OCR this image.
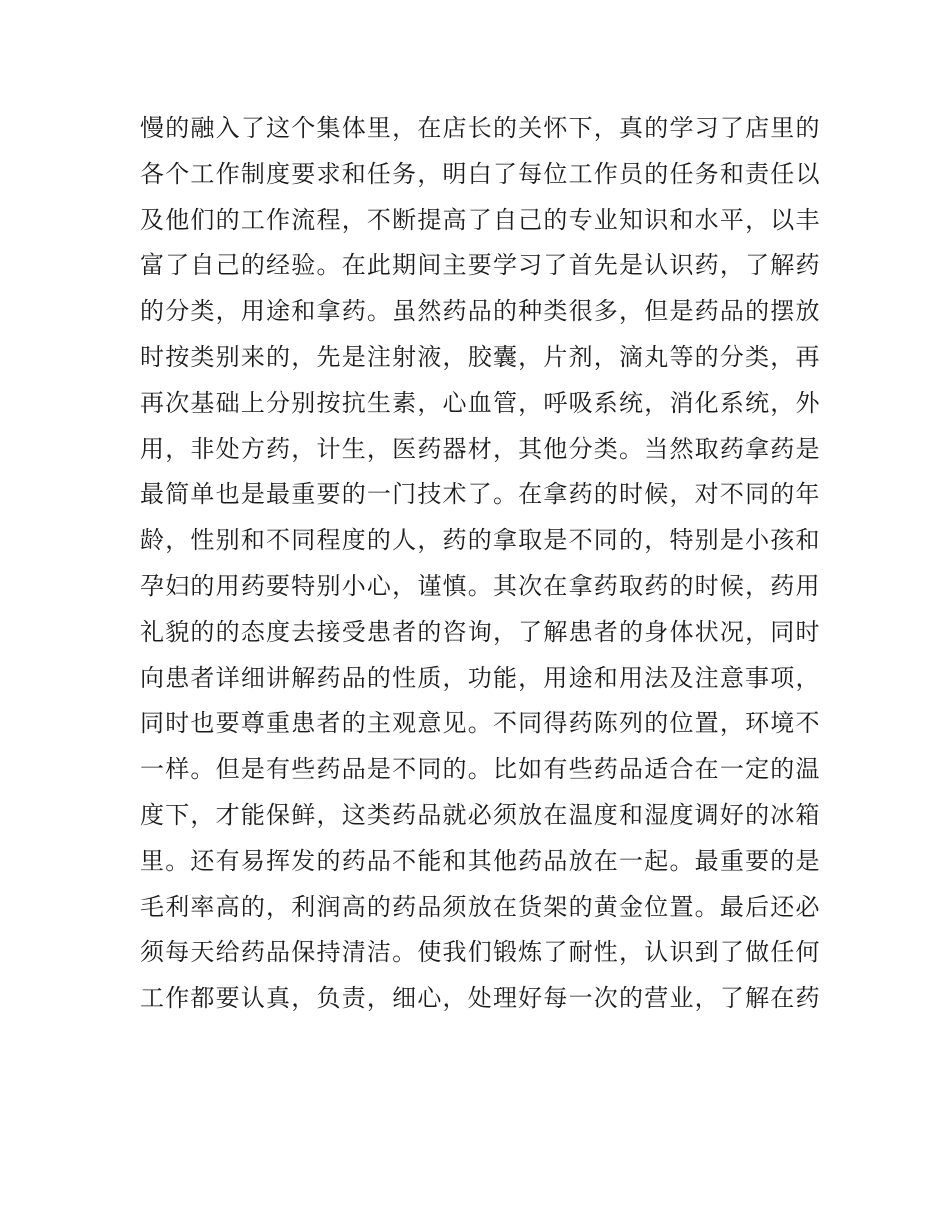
慢的融入了这个集体里，在店长的关怀下，真的学习了店里的
各个工作制度要求和任务，明白了每位工作员的任务和责任以
及他们的工作流程，不断提高了自己的专业知识和水平，以丰
富了自己的经验。在此期间主要学习了首先是认识药，了解药
的分类，用途和拿药。虽然药品的种类很多，但是药品的摆放
时按类别来的，先是注射液，胶囊，片剂，滴丸等的分类，再
再次基础上分别按抗生素，心血管，呼吸系统，消化系统，外
用，非处方药，计生，医药器材，其他分类。当然取药拿药是
最简单也是最重要的一门技术了。在拿药的时候，对不同的年
龄，性别和不同程度的人，药的拿取是不同的，特别是小孩和
孕妇的用药要特别小心，谨慎。其次在拿药取药的时候，药用
礼貌的的态度去接受患者的咨询，了解患者的身体状况，同时
向患者详细讲解药品的性质，功能，用途和用法及注意事项，
同时也要尊重患者的主观意见。不同得药陈列的位置，环境不
一样。但是有些药品是不同的。比如有些药品适合在一定的温
度下，才能保鲜，这类药品就必须放在温度和湿度调好的冰箱
里。还有易挥发的药品不能和其他药品放在一起。最重要的是
毛利率高的，利润高的药品须放在货架的黄金位置。最后还必
须每天给药品保持清洁。使我们锻炼了耐性，认识到了做任何
工作都要认真，负责，细心，处理好每一次的营业，了解在药
